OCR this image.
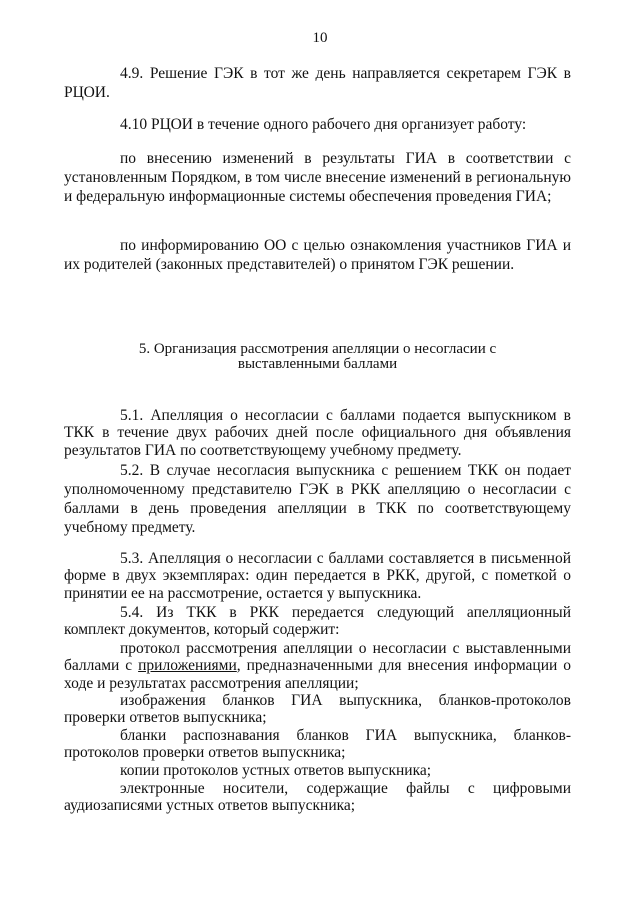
10

4.9. Решение ГЭК в тот же день направляется секретарем ГЭК в РЦОИ.

4.10 РЦОИ в течение одного рабочего дня организует работу:

по внесению изменений в результаты ГИА в соответствии с установленным Порядком, в том числе внесение изменений в региональную и федеральную информационные системы обеспечения проведения ГИА;

по информированию ОО с целью ознакомления участников ГИА и их родителей (законных представителей) о принятом ГЭК решении.

5. Организация рассмотрения апелляции о несогласии с
выставленными баллами

5.1. Апелляция о несогласии с баллами подается выпускником в ТКК в течение двух рабочих дней после официального дня объявления результатов ГИА по соответствующему учебному предмету.

5.2. В случае несогласия выпускника с решением ТКК он подает уполномоченному представителю ГЭК в РКК апелляцию о несогласии с баллами в день проведения апелляции в ТКК по соответствующему учебному предмету.

5.3. Апелляция о несогласии с баллами составляется в письменной форме в двух экземплярах: один передается в РКК, другой, с пометкой о принятии ее на рассмотрение, остается у выпускника.

5.4. Из ТКК в РКК передается следующий апелляционный комплект документов, который содержит:

протокол рассмотрения апелляции о несогласии с выставленными баллами с приложениями, предназначенными для внесения информации о ходе и результатах рассмотрения апелляции;

изображения бланков ГИА выпускника, бланков-протоколов проверки ответов выпускника;

бланки распознавания бланков ГИА выпускника, бланков-протоколов проверки ответов выпускника;

копии протоколов устных ответов выпускника;

электронные носители, содержащие файлы с цифровыми аудиозаписями устных ответов выпускника;
